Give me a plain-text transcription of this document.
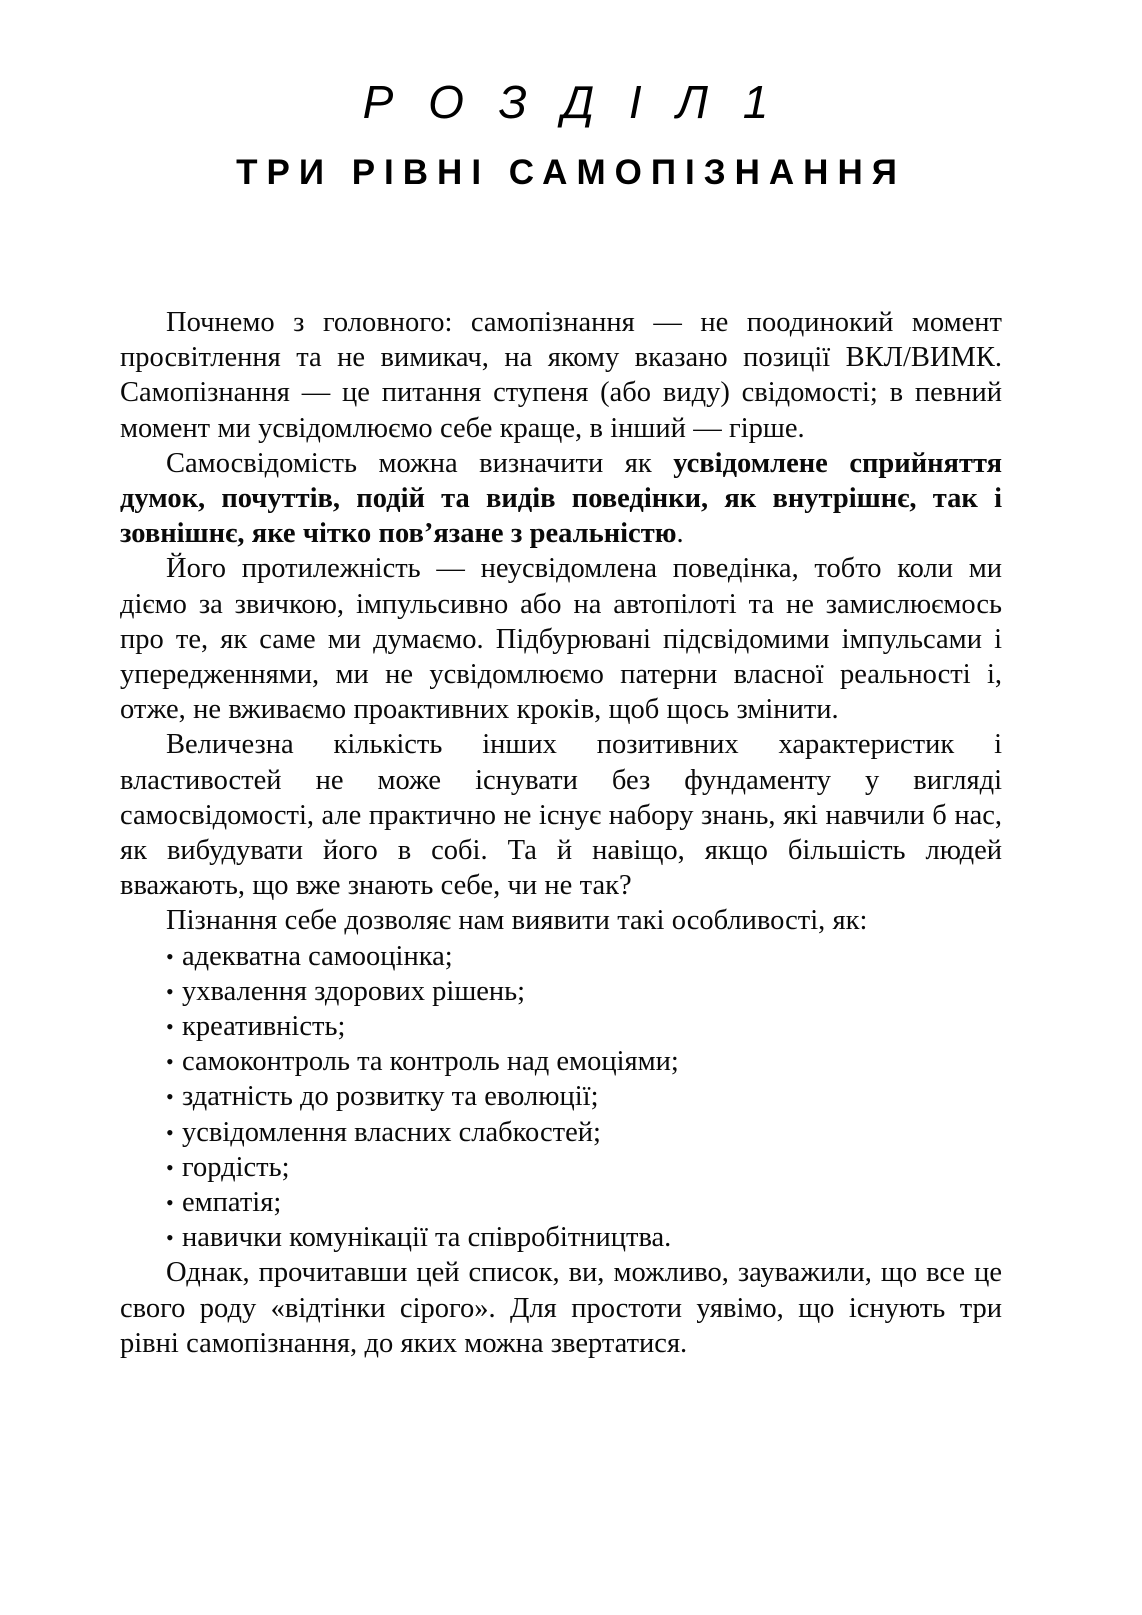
Р О З Д І Л 1
ТРИ РІВНІ САМОПІЗНАННЯ

Почнемо з головного: самопізнання — не поодинокий момент просвітлення та не вимикач, на якому вказано позиції ВКЛ/ВИМК. Самопізнання — це питання ступеня (або виду) свідомості; в певний момент ми усвідомлюємо себе краще, в інший — гірше.

Самосвідомість можна визначити як усвідомлене сприйняття думок, почуттів, подій та видів поведінки, як внутрішнє, так і зовнішнє, яке чітко пов’язане з реальністю.

Його протилежність — неусвідомлена поведінка, тобто коли ми діємо за звичкою, імпульсивно або на автопілоті та не замислюємось про те, як саме ми думаємо. Підбурювані підсвідомими імпульсами і упередженнями, ми не усвідомлюємо патерни власної реальності і, отже, не вживаємо проактивних кроків, щоб щось змінити.

Величезна кількість інших позитивних характеристик і властивостей не може існувати без фундаменту у вигляді самосвідомості, але практично не існує набору знань, які навчили б нас, як вибудувати його в собі. Та й навіщо, якщо більшість людей вважають, що вже знають себе, чи не так?

Пізнання себе дозволяє нам виявити такі особливості, як:

• адекватна самооцінка;
• ухвалення здорових рішень;
• креативність;
• самоконтроль та контроль над емоціями;
• здатність до розвитку та еволюції;
• усвідомлення власних слабкостей;
• гордість;
• емпатія;
• навички комунікації та співробітництва.

Однак, прочитавши цей список, ви, можливо, зауважили, що все це свого роду «відтінки сірого». Для простоти уявімо, що існують три рівні самопізнання, до яких можна звертатися.
